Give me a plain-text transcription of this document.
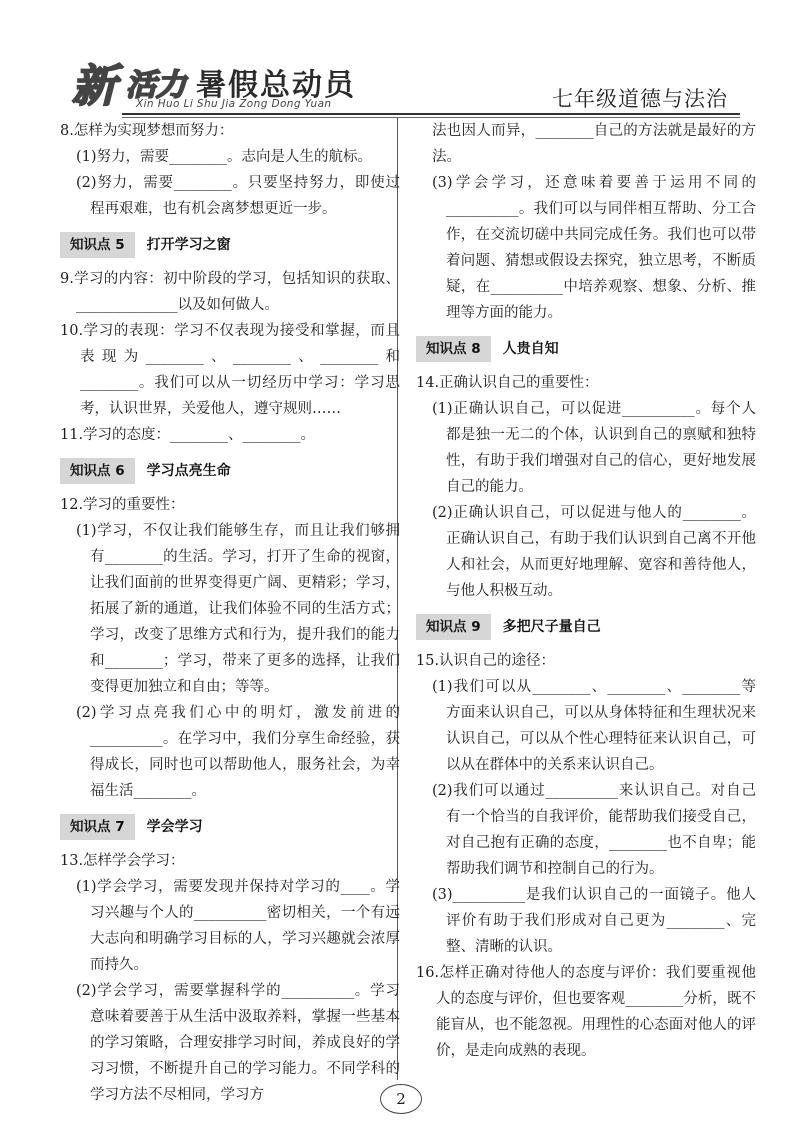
新 活力 暑假总动员
Xin Huo Li Shu Jia Zong Dong Yuan	七年级道德与法治

8.怎样为实现梦想而努力：

(1)努力，需要________。志向是人生的航标。

(2)努力，需要________。只要坚持努力，即使过程再艰难，也有机会离梦想更近一步。

知识点 5	打开学习之窗

9.学习的内容：初中阶段的学习，包括知识的获取、______________以及如何做人。

10.学习的表现：学习不仅表现为接受和掌握，而且表现为________、________、________和________。我们可以从一切经历中学习：学习思考，认识世界，关爱他人，遵守规则……

11.学习的态度：________、________。

知识点 6	学习点亮生命

12.学习的重要性：

(1)学习，不仅让我们能够生存，而且让我们够拥有________的生活。学习，打开了生命的视窗，让我们面前的世界变得更广阔、更精彩；学习，拓展了新的通道，让我们体验不同的生活方式；学习，改变了思维方式和行为，提升我们的能力和________；学习，带来了更多的选择，让我们变得更加独立和自由；等等。

(2)学习点亮我们心中的明灯，激发前进的__________。在学习中，我们分享生命经验，获得成长，同时也可以帮助他人，服务社会，为幸福生活________。

知识点 7	学会学习

13.怎样学会学习：

(1)学会学习，需要发现并保持对学习的____。学习兴趣与个人的__________密切相关，一个有远大志向和明确学习目标的人，学习兴趣就会浓厚而持久。

(2)学会学习，需要掌握科学的__________。学习意味着要善于从生活中汲取养料，掌握一些基本的学习策略，合理安排学习时间，养成良好的学习习惯，不断提升自己的学习能力。不同学科的学习方法不尽相同，学习方

法也因人而异，________自己的方法就是最好的方法。

(3)学会学习，还意味着要善于运用不同的__________。我们可以与同伴相互帮助、分工合作，在交流切磋中共同完成任务。我们也可以带着问题、猜想或假设去探究，独立思考，不断质疑，在__________中培养观察、想象、分析、推理等方面的能力。

知识点 8	人贵自知

14.正确认识自己的重要性：

(1)正确认识自己，可以促进__________。每个人都是独一无二的个体，认识到自己的禀赋和独特性，有助于我们增强对自己的信心，更好地发展自己的能力。

(2)正确认识自己，可以促进与他人的________。正确认识自己，有助于我们认识到自己离不开他人和社会，从而更好地理解、宽容和善待他人，与他人积极互动。

知识点 9	多把尺子量自己

15.认识自己的途径：

(1)我们可以从________、________、________等方面来认识自己，可以从身体特征和生理状况来认识自己，可以从个性心理特征来认识自己，可以从在群体中的关系来认识自己。

(2)我们可以通过__________来认识自己。对自己有一个恰当的自我评价，能帮助我们接受自己，对自己抱有正确的态度，________也不自卑；能帮助我们调节和控制自己的行为。

(3)__________是我们认识自己的一面镜子。他人评价有助于我们形成对自己更为________、完整、清晰的认识。

16.怎样正确对待他人的态度与评价：我们要重视他人的态度与评价，但也要客观________分析，既不能盲从，也不能忽视。用理性的心态面对他人的评价，是走向成熟的表现。

2
